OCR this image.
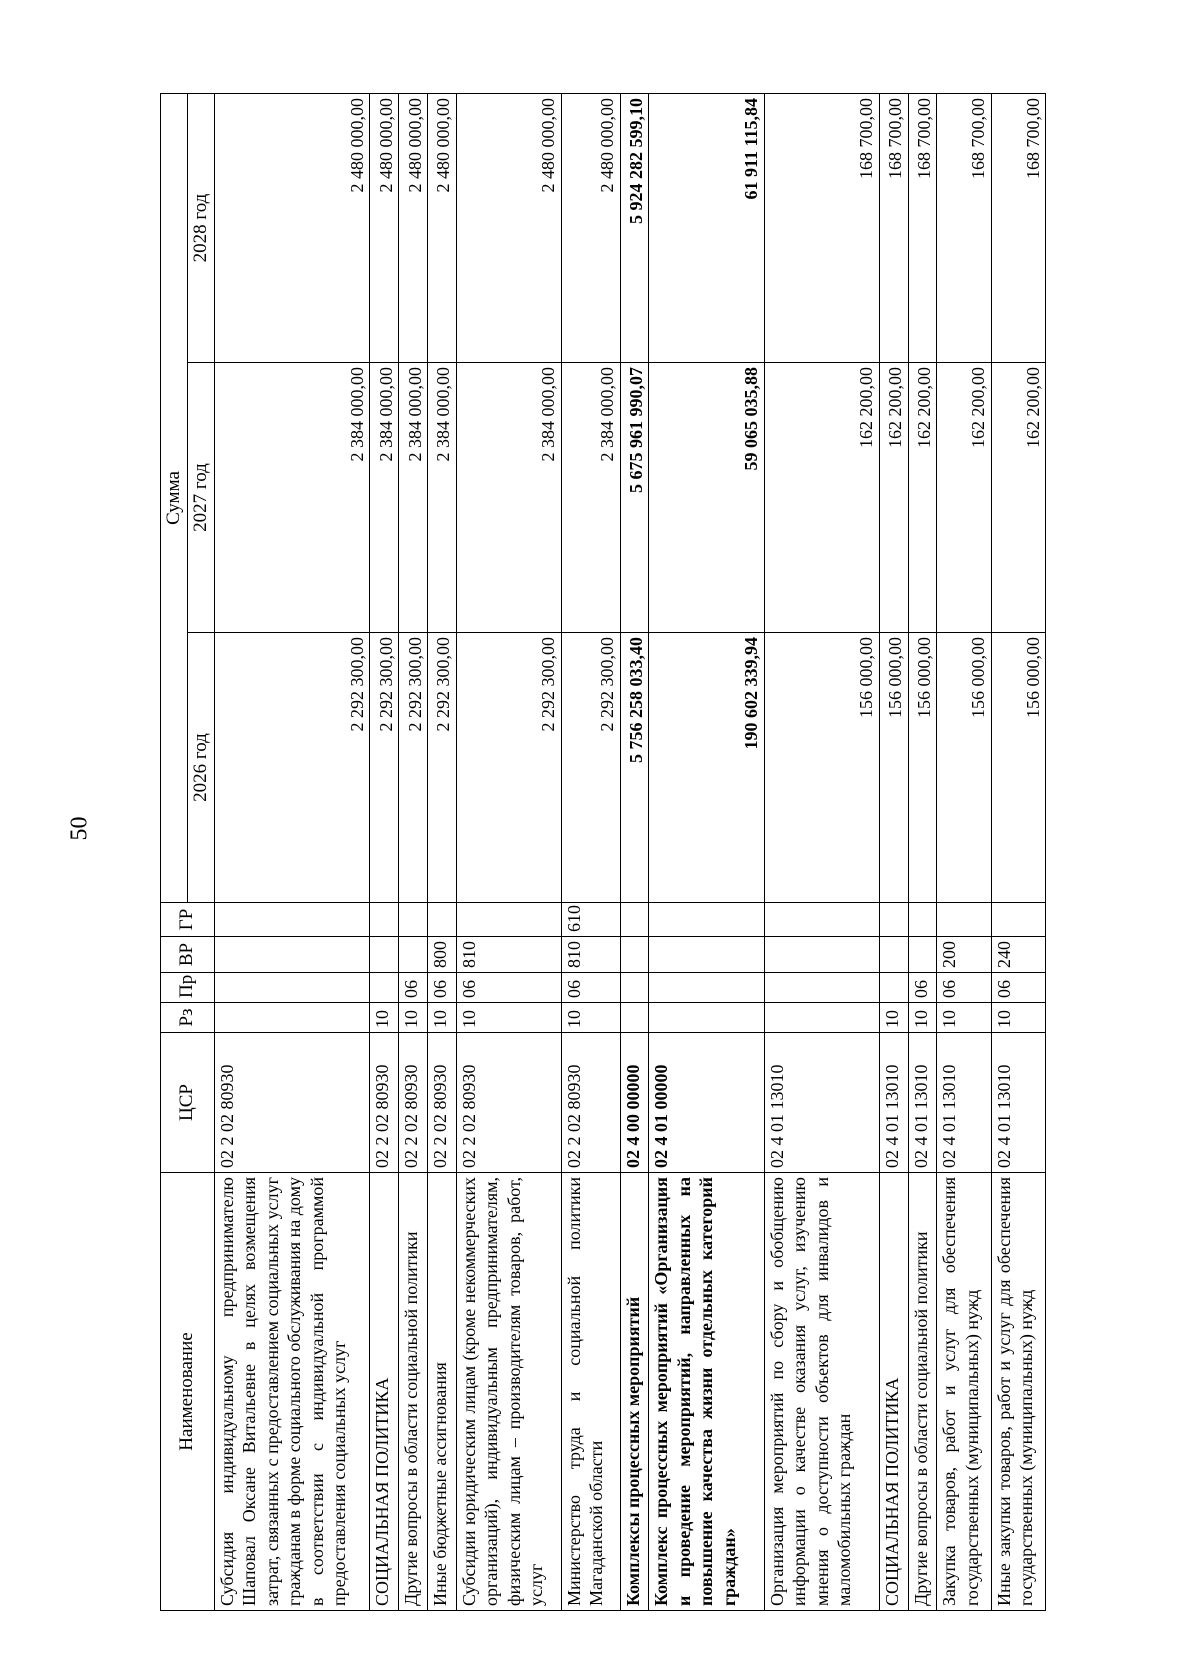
50
Наименование	ЦСР	Рз	Пр	ВР	ГР	Сумма		
						2026 год	2027 год	2028 год
Субсидия индивидуальному предпринимателю Шаповал Оксане Витальевне в целях возмещения затрат, связанных с предоставлением социальных услуг гражданам в форме социального обслуживания на дому в соответствии с индивидуальной программой предоставления социальных услуг	02 2 02 80930					2 292 300,00	2 384 000,00	2 480 000,00
СОЦИАЛЬНАЯ ПОЛИТИКА	02 2 02 80930	10				2 292 300,00	2 384 000,00	2 480 000,00
Другие вопросы в области социальной политики	02 2 02 80930	10	06			2 292 300,00	2 384 000,00	2 480 000,00
Иные бюджетные ассигнования	02 2 02 80930	10	06	800		2 292 300,00	2 384 000,00	2 480 000,00
Субсидии юридическим лицам (кроме некоммерческих организаций), индивидуальным предпринимателям, физическим лицам – производителям товаров, работ, услуг	02 2 02 80930	10	06	810		2 292 300,00	2 384 000,00	2 480 000,00
Министерство труда и социальной политики Магаданской области	02 2 02 80930	10	06	810	610	2 292 300,00	2 384 000,00	2 480 000,00
Комплексы процессных мероприятий	02 4 00 00000					5 756 258 033,40	5 675 961 990,07	5 924 282 599,10
Комплекс процессных мероприятий «Организация и проведение мероприятий, направленных на повышение качества жизни отдельных категорий граждан»	02 4 01 00000					190 602 339,94	59 065 035,88	61 911 115,84
Организация мероприятий по сбору и обобщению информации о качестве оказания услуг, изучению мнения о доступности объектов для инвалидов и маломобильных граждан	02 4 01 13010					156 000,00	162 200,00	168 700,00
СОЦИАЛЬНАЯ ПОЛИТИКА	02 4 01 13010	10				156 000,00	162 200,00	168 700,00
Другие вопросы в области социальной политики	02 4 01 13010	10	06			156 000,00	162 200,00	168 700,00
Закупка товаров, работ и услуг для обеспечения государственных (муниципальных) нужд	02 4 01 13010	10	06	200		156 000,00	162 200,00	168 700,00
Иные закупки товаров, работ и услуг для обеспечения государственных (муниципальных) нужд	02 4 01 13010	10	06	240		156 000,00	162 200,00	168 700,00
